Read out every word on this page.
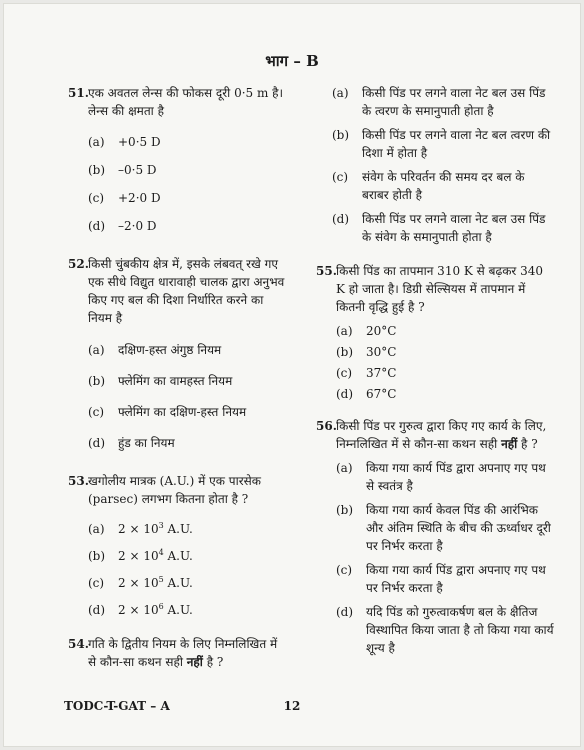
भाग – B
51. एक अवतल लेन्स की फोकस दूरी 0·5 m है। लेन्स की क्षमता है
(a)	+0·5 D
(b)	–0·5 D
(c)	+2·0 D
(d)	–2·0 D
52. किसी चुंबकीय क्षेत्र में, इसके लंबवत् रखे गए एक सीधे विद्युत धारावाही चालक द्वारा अनुभव किए गए बल की दिशा निर्धारित करने का नियम है
(a)	दक्षिण-हस्त अंगुष्ठ नियम
(b)	फ्लेमिंग का वामहस्त नियम
(c)	फ्लेमिंग का दक्षिण-हस्त नियम
(d)	हुंड का नियम
53. खगोलीय मात्रक (A.U.) में एक पारसेक (parsec) लगभग कितना होता है ?
(a)	$2 \times 10^3$ A.U.
(b)	$2 \times 10^4$ A.U.
(c)	$2 \times 10^5$ A.U.
(d)	$2 \times 10^6$ A.U.
54. गति के द्वितीय नियम के लिए निम्नलिखित में से कौन-सा कथन सही नहीं है ?
(a)	किसी पिंड पर लगने वाला नेट बल उस पिंड के त्वरण के समानुपाती होता है
(b)	किसी पिंड पर लगने वाला नेट बल त्वरण की दिशा में होता है
(c)	संवेग के परिवर्तन की समय दर बल के बराबर होती है
(d)	किसी पिंड पर लगने वाला नेट बल उस पिंड के संवेग के समानुपाती होता है
55. किसी पिंड का तापमान 310 K से बढ़कर 340 K हो जाता है। डिग्री सेल्सियस में तापमान में कितनी वृद्धि हुई है ?
(a)	20°C
(b)	30°C
(c)	37°C
(d)	67°C
56. किसी पिंड पर गुरुत्व द्वारा किए गए कार्य के लिए, निम्नलिखित में से कौन-सा कथन सही नहीं है ?
(a)	किया गया कार्य पिंड द्वारा अपनाए गए पथ से स्वतंत्र है
(b)	किया गया कार्य केवल पिंड की आरंभिक और अंतिम स्थिति के बीच की ऊर्ध्वाधर दूरी पर निर्भर करता है
(c)	किया गया कार्य पिंड द्वारा अपनाए गए पथ पर निर्भर करता है
(d)	यदि पिंड को गुरुत्वाकर्षण बल के क्षैतिज विस्थापित किया जाता है तो किया गया कार्य शून्य है
TODC-T-GAT – A	12
